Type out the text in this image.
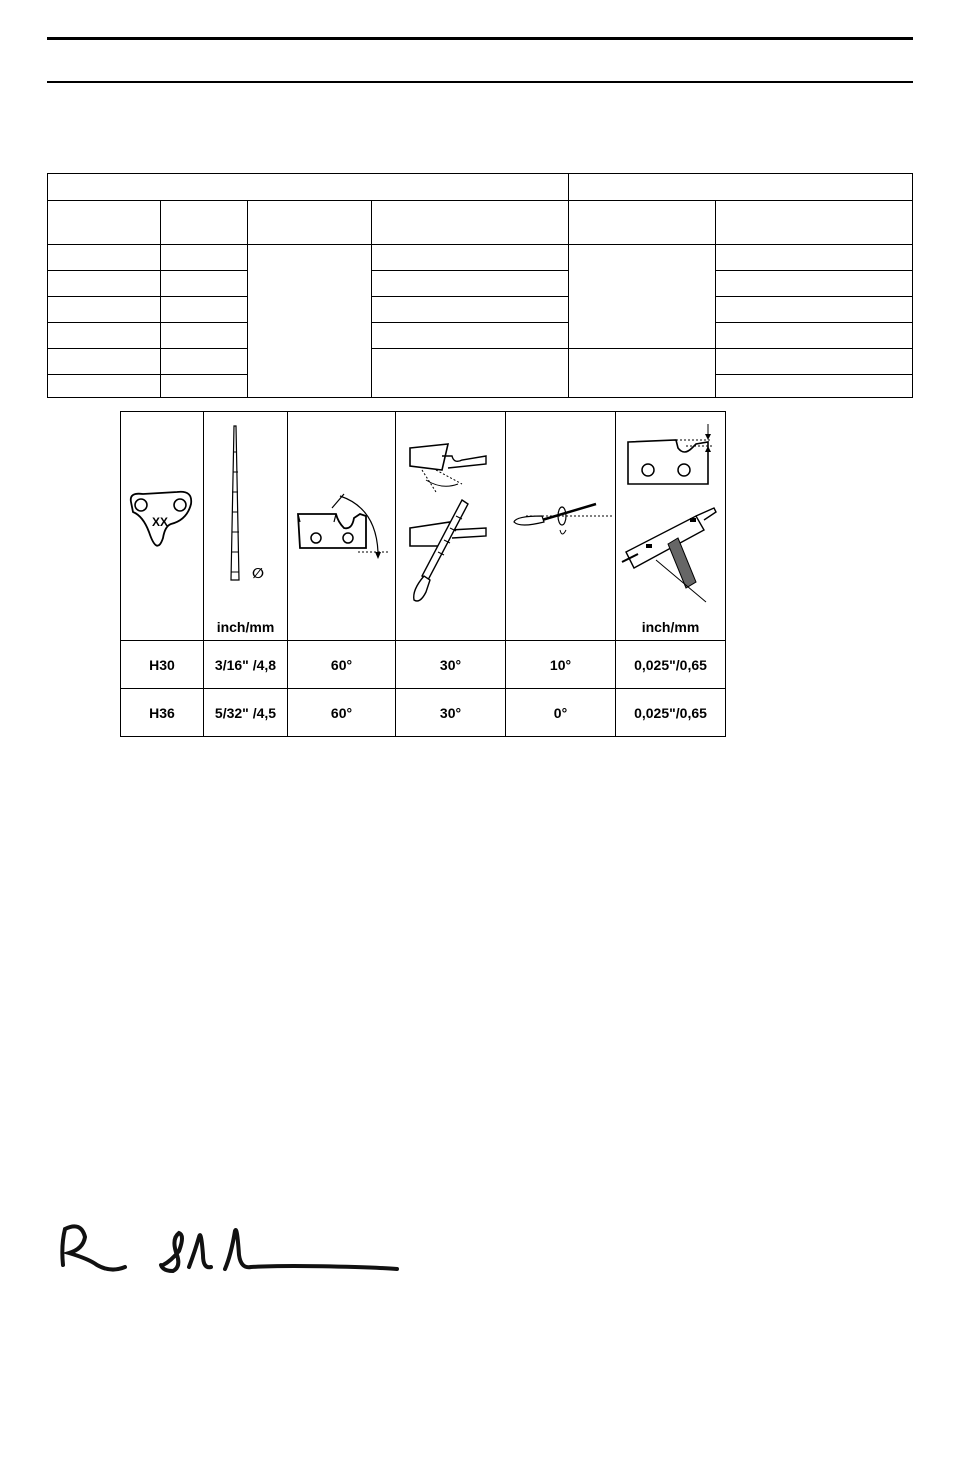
XX	∅
inch/mm				inch/mm

H30	3/16" /4,8	60°	30°	10°	0,025"/0,65
H36	5/32" /4,5	60°	30°	0°	0,025"/0,65
